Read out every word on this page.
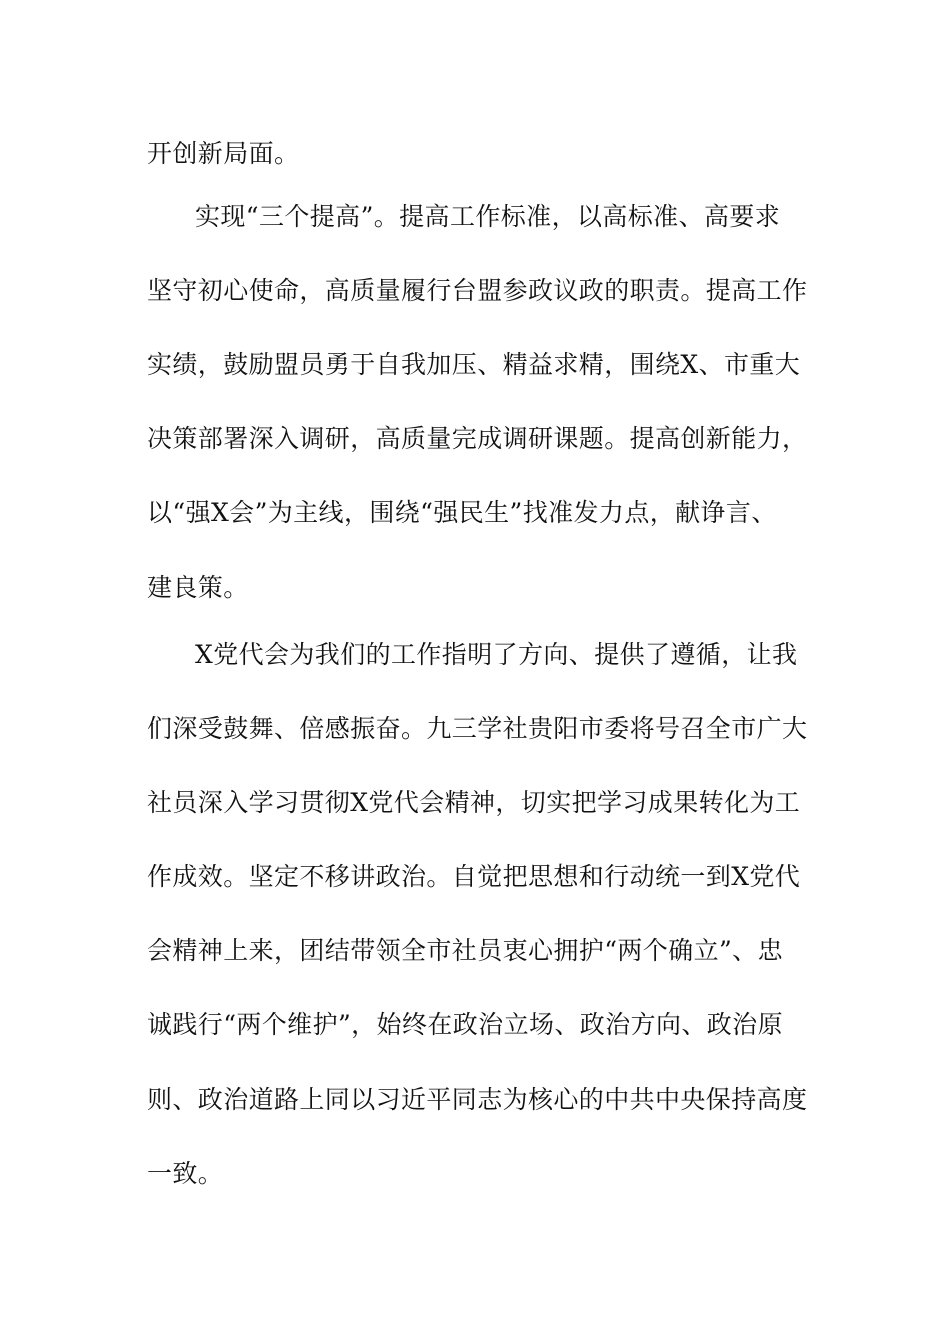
开创新局面。
实现“三个提高”。提高工作标准，以高标准、高要求
坚守初心使命，高质量履行台盟参政议政的职责。提高工作
实绩，鼓励盟员勇于自我加压、精益求精，围绕X、市重大
决策部署深入调研，高质量完成调研课题。提高创新能力，
以“强X会”为主线，围绕“强民生”找准发力点，献诤言、
建良策。
X党代会为我们的工作指明了方向、提供了遵循，让我
们深受鼓舞、倍感振奋。九三学社贵阳市委将号召全市广大
社员深入学习贯彻X党代会精神，切实把学习成果转化为工
作成效。坚定不移讲政治。自觉把思想和行动统一到X党代
会精神上来，团结带领全市社员衷心拥护“两个确立”、忠
诚践行“两个维护”，始终在政治立场、政治方向、政治原
则、政治道路上同以习近平同志为核心的中共中央保持高度
一致。
